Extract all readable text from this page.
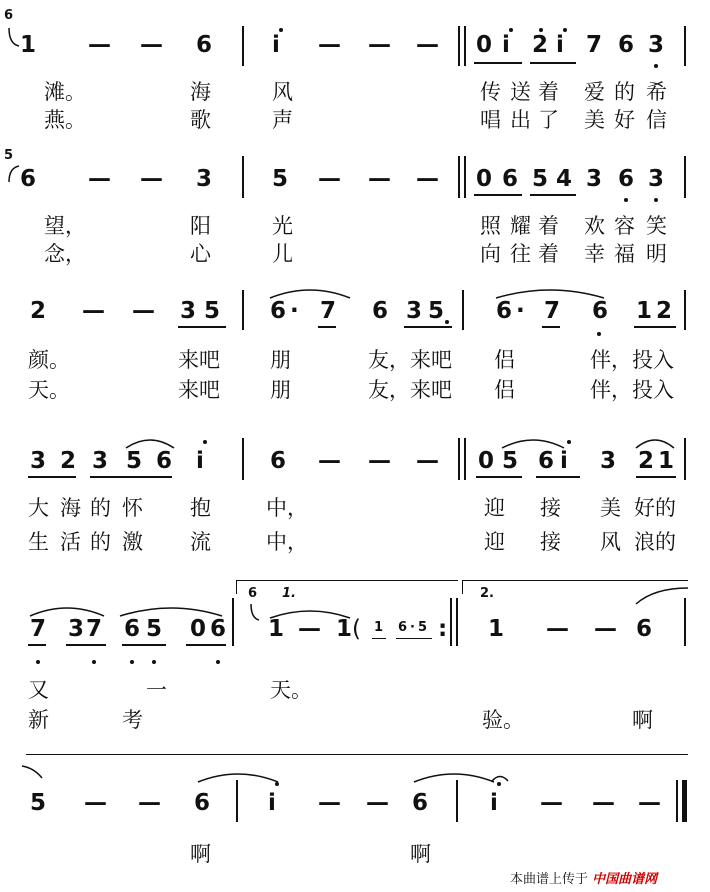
6
1 — — 6	i — — — 0 i 2 i 7 6 3
滩。	海	风	传 送 着 爱 的 希
燕。	歌	声	唱 出 了 美 好 信
5
6 — — 3	5 — — — 0 6 5 4 3 6 3
望，	阳	光	照 耀 着 欢 容 笑
念，	心	儿	向 往 着 幸 福 明
2 — — 3 5 6 · 7 6 3 5 6 · 7 6 1 2
颜。	来吧 朋	友，来吧 侣	伴，投入
天。	来吧 朋	友，来吧 侣	伴，投入
3 2 3 5 6 i	6 — — — 0 5 6 i 3 2 1
大 海 的 怀 抱	中，	迎 接 美 好的
生 活 的 激 流	中，	迎 接 风 浪的
1.	2.
6
7 3 7 6 5 0 6 1 — 1 ( 1 6 · 5 : 1 — — 6
又	一	天。
新	考	验。	啊
5 — — 6	i — — 6	i — — —
啊	啊
本曲谱上传于 中国曲谱网
